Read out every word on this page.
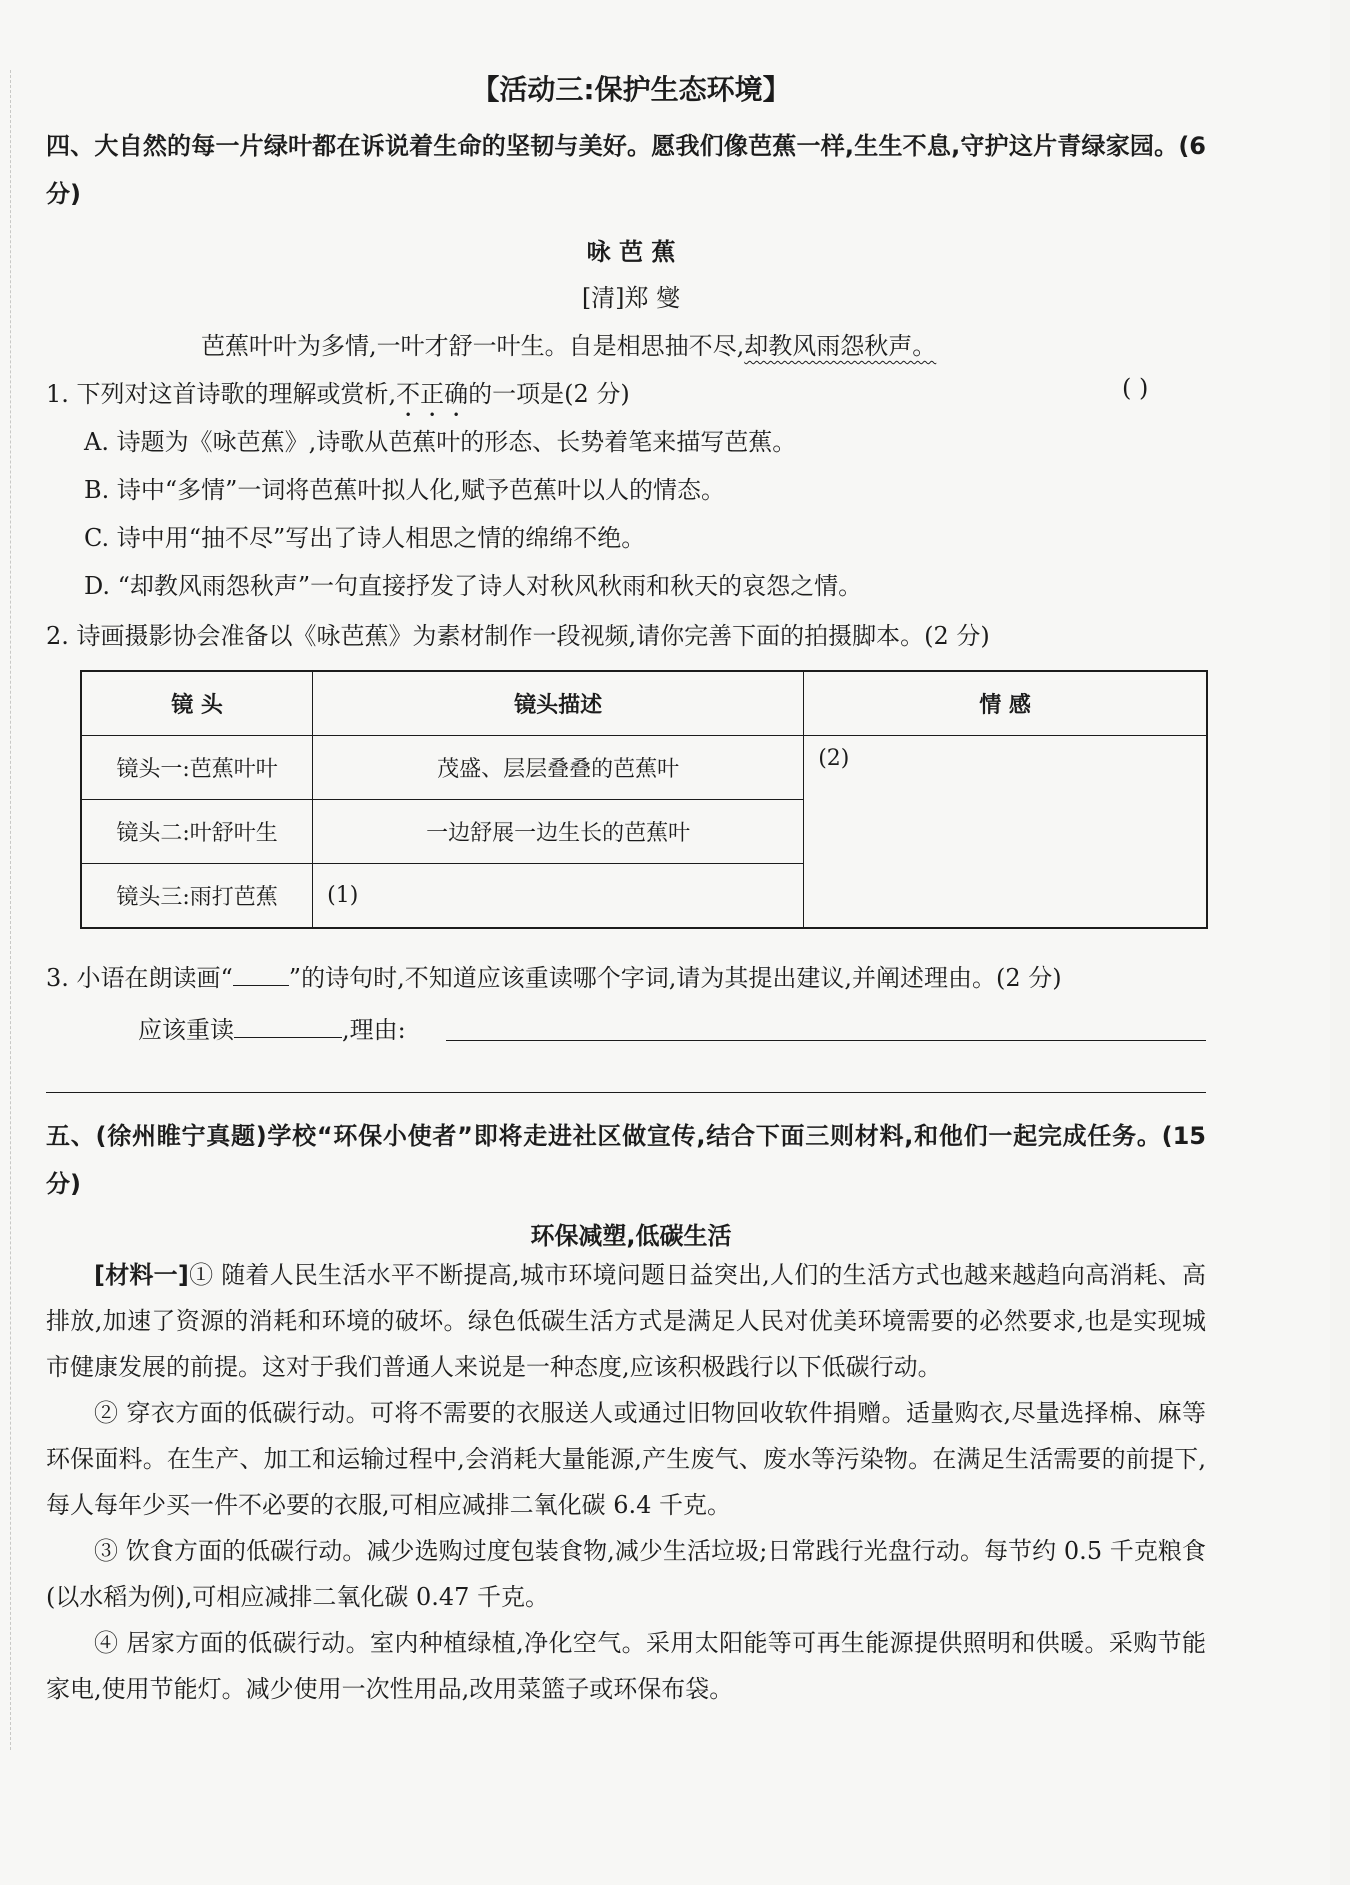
【活动三:保护生态环境】
四、大自然的每一片绿叶都在诉说着生命的坚韧与美好。愿我们像芭蕉一样,生生不息,守护这片青绿家园。(6 分)
咏 芭 蕉
[清]郑 燮
芭蕉叶叶为多情,一叶才舒一叶生。自是相思抽不尽,却教风雨怨秋声。
1. 下列对这首诗歌的理解或赏析,不正确的一项是(2 分)	( )
A. 诗题为《咏芭蕉》,诗歌从芭蕉叶的形态、长势着笔来描写芭蕉。
B. 诗中“多情”一词将芭蕉叶拟人化,赋予芭蕉叶以人的情态。
C. 诗中用“抽不尽”写出了诗人相思之情的绵绵不绝。
D. “却教风雨怨秋声”一句直接抒发了诗人对秋风秋雨和秋天的哀怨之情。
2. 诗画摄影协会准备以《咏芭蕉》为素材制作一段视频,请你完善下面的拍摄脚本。(2 分)
镜 头	镜头描述	情 感
镜头一:芭蕉叶叶	茂盛、层层叠叠的芭蕉叶	(2)
镜头二:叶舒叶生	一边舒展一边生长的芭蕉叶	
镜头三:雨打芭蕉	(1)	
3. 小语在朗读画“ ”的诗句时,不知道应该重读哪个字词,请为其提出建议,并阐述理由。(2 分)
应该重读	,理由:
五、(徐州睢宁真题)学校“环保小使者”即将走进社区做宣传,结合下面三则材料,和他们一起完成任务。(15 分)
环保减塑,低碳生活

[材料一]① 随着人民生活水平不断提高,城市环境问题日益突出,人们的生活方式也越来越趋向高消耗、高排放,加速了资源的消耗和环境的破坏。绿色低碳生活方式是满足人民对优美环境需要的必然要求,也是实现城市健康发展的前提。这对于我们普通人来说是一种态度,应该积极践行以下低碳行动。

② 穿衣方面的低碳行动。可将不需要的衣服送人或通过旧物回收软件捐赠。适量购衣,尽量选择棉、麻等环保面料。在生产、加工和运输过程中,会消耗大量能源,产生废气、废水等污染物。在满足生活需要的前提下,每人每年少买一件不必要的衣服,可相应减排二氧化碳 6.4 千克。

③ 饮食方面的低碳行动。减少选购过度包装食物,减少生活垃圾;日常践行光盘行动。每节约 0.5 千克粮食(以水稻为例),可相应减排二氧化碳 0.47 千克。

④ 居家方面的低碳行动。室内种植绿植,净化空气。采用太阳能等可再生能源提供照明和供暖。采购节能家电,使用节能灯。减少使用一次性用品,改用菜篮子或环保布袋。
